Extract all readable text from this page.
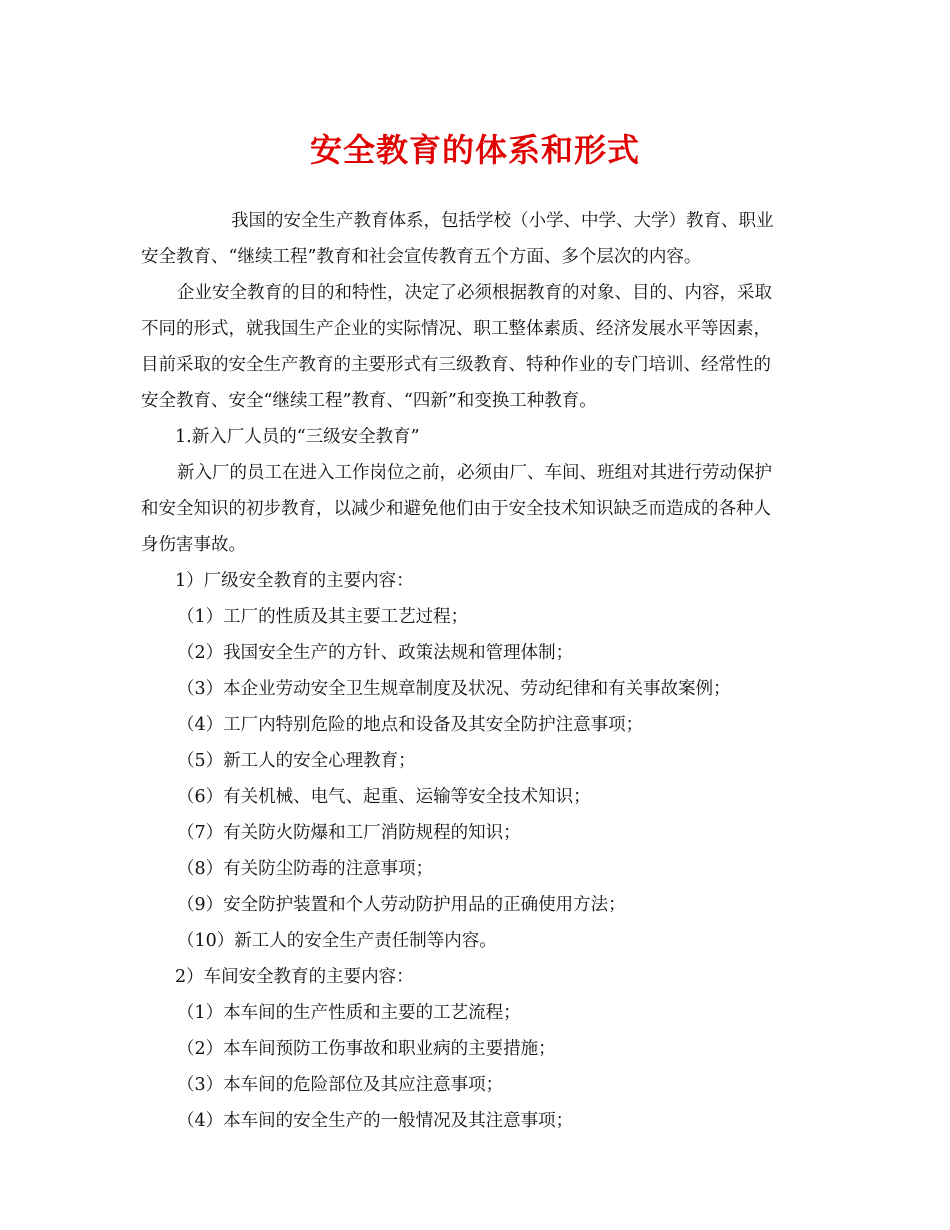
安全教育的体系和形式
我国的安全生产教育体系，包括学校（小学、中学、大学）教育、职业
安全教育、“继续工程”教育和社会宣传教育五个方面、多个层次的内容。
企业安全教育的目的和特性，决定了必须根据教育的对象、目的、内容，采取
不同的形式，就我国生产企业的实际情况、职工整体素质、经济发展水平等因素，
目前采取的安全生产教育的主要形式有三级教育、特种作业的专门培训、经常性的
安全教育、安全“继续工程”教育、“四新”和变换工种教育。
1.新入厂人员的“三级安全教育”
新入厂的员工在进入工作岗位之前，必须由厂、车间、班组对其进行劳动保护
和安全知识的初步教育，以减少和避免他们由于安全技术知识缺乏而造成的各种人
身伤害事故。
1）厂级安全教育的主要内容：
（1）工厂的性质及其主要工艺过程；
（2）我国安全生产的方针、政策法规和管理体制；
（3）本企业劳动安全卫生规章制度及状况、劳动纪律和有关事故案例；
（4）工厂内特别危险的地点和设备及其安全防护注意事项；
（5）新工人的安全心理教育；
（6）有关机械、电气、起重、运输等安全技术知识；
（7）有关防火防爆和工厂消防规程的知识；
（8）有关防尘防毒的注意事项；
（9）安全防护装置和个人劳动防护用品的正确使用方法；
（10）新工人的安全生产责任制等内容。
2）车间安全教育的主要内容：
（1）本车间的生产性质和主要的工艺流程；
（2）本车间预防工伤事故和职业病的主要措施；
（3）本车间的危险部位及其应注意事项；
（4）本车间的安全生产的一般情况及其注意事项；
